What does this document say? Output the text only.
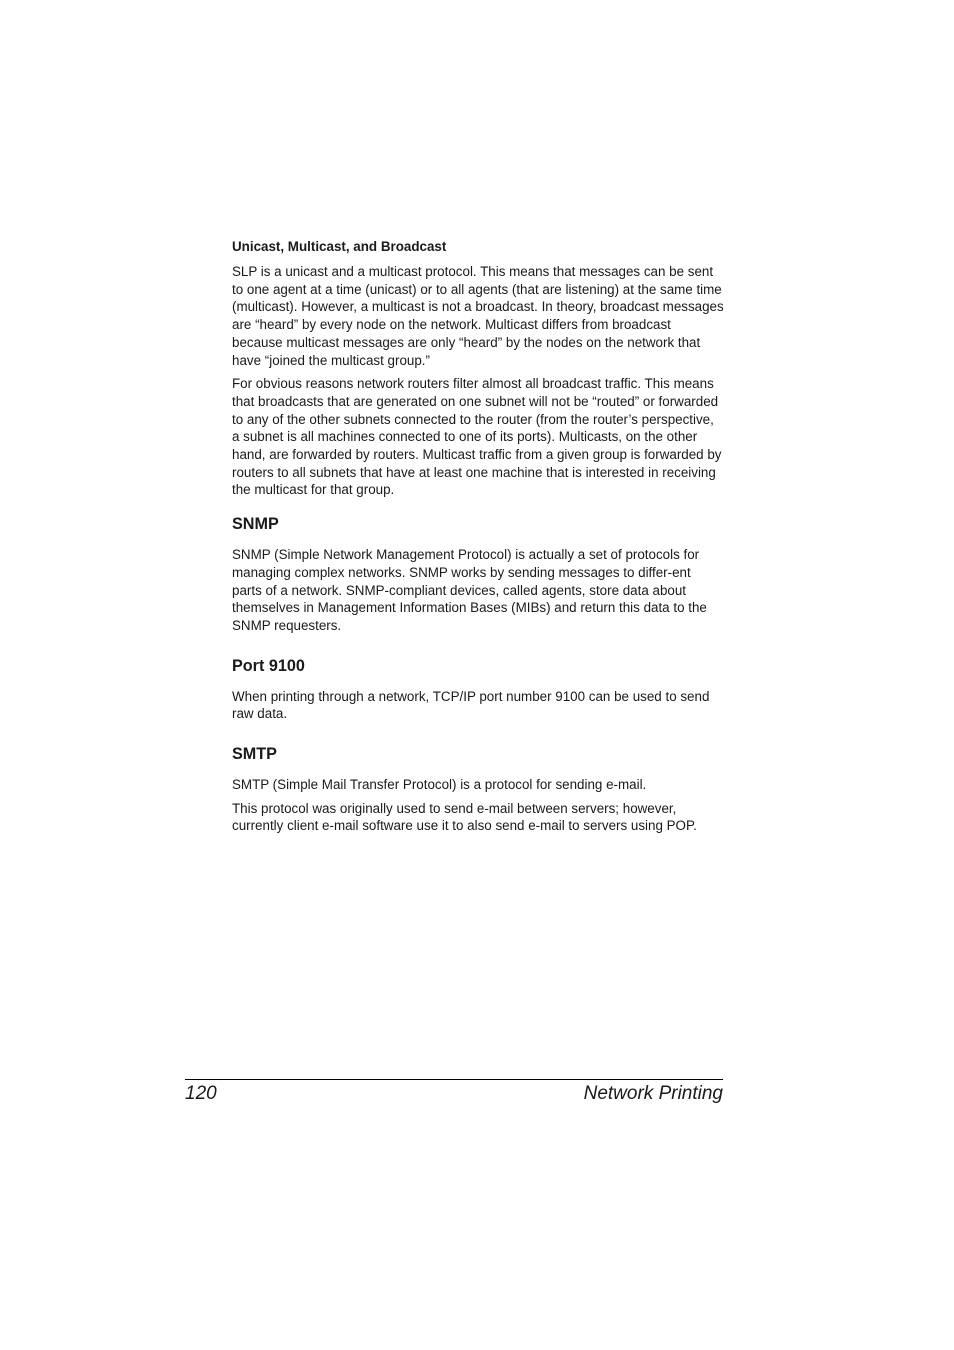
Unicast, Multicast, and Broadcast

SLP is a unicast and a multicast protocol. This means that messages can be sent to one agent at a time (unicast) or to all agents (that are listening) at the same time (multicast). However, a multicast is not a broadcast. In theory, broadcast messages are “heard” by every node on the network. Multicast differs from broadcast because multicast messages are only “heard” by the nodes on the network that have “joined the multicast group.”

For obvious reasons network routers filter almost all broadcast traffic. This means that broadcasts that are generated on one subnet will not be “routed” or forwarded to any of the other subnets connected to the router (from the router’s perspective, a subnet is all machines connected to one of its ports). Multicasts, on the other hand, are forwarded by routers. Multicast traffic from a given group is forwarded by routers to all subnets that have at least one machine that is interested in receiving the multicast for that group.

SNMP

SNMP (Simple Network Management Protocol) is actually a set of protocols for managing complex networks. SNMP works by sending messages to differ-ent parts of a network. SNMP-compliant devices, called agents, store data about themselves in Management Information Bases (MIBs) and return this data to the SNMP requesters.

Port 9100

When printing through a network, TCP/IP port number 9100 can be used to send raw data.

SMTP

SMTP (Simple Mail Transfer Protocol) is a protocol for sending e-mail.

This protocol was originally used to send e-mail between servers; however, currently client e-mail software use it to also send e-mail to servers using POP.

120	Network Printing
